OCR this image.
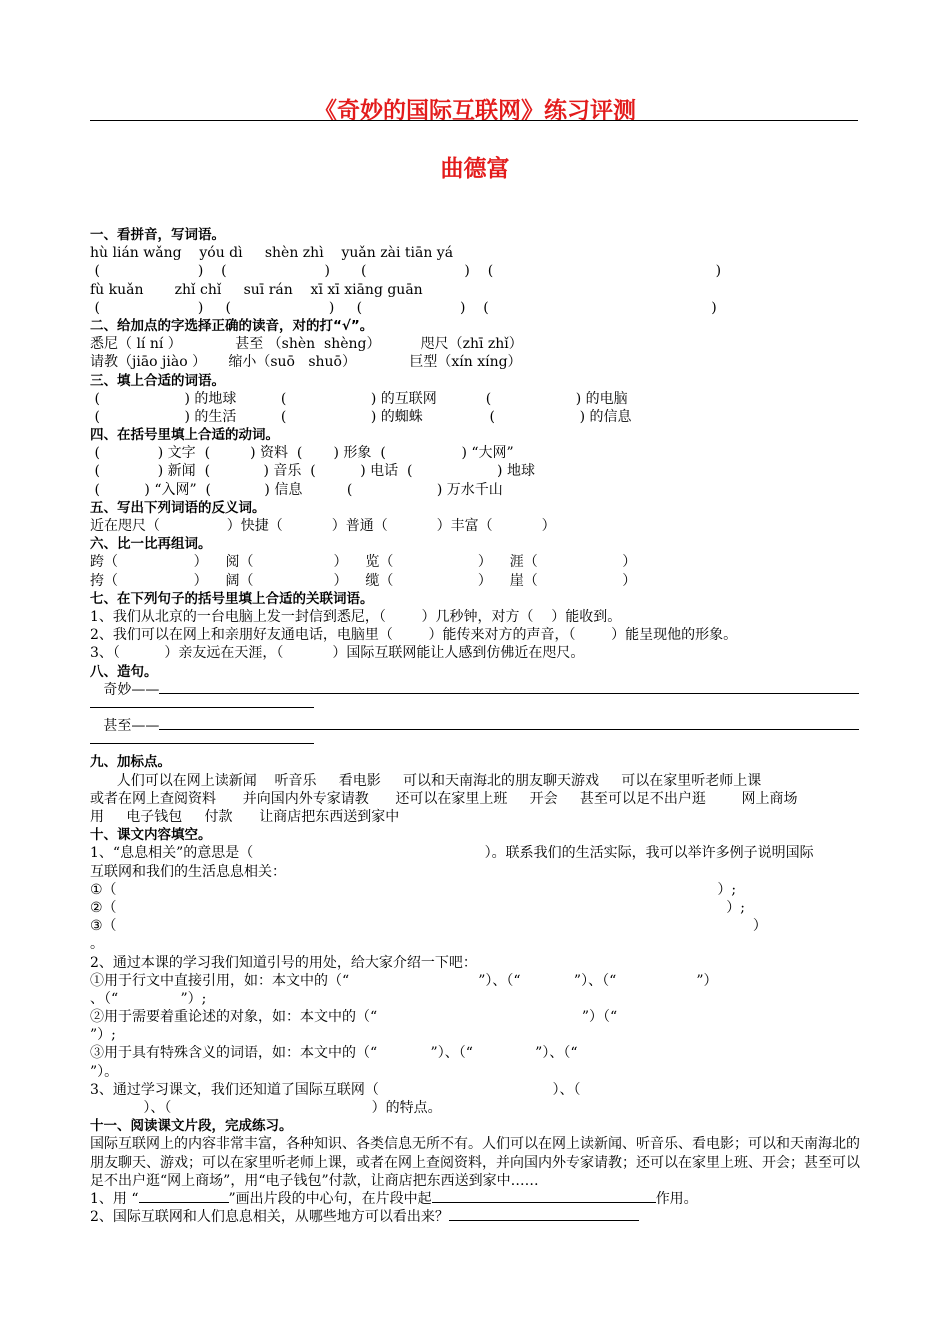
《奇妙的国际互联网》练习评测
曲德富
一、看拼音，写词语。
hù lián wǎng    yóu dì     shèn zhì    yuǎn zài tiān yá
(                      )    (                      )       (                      )    (                                                  )
fù kuǎn       zhǐ chǐ     suī rán    xī xī xiāng guān
(                      )     (                      )     (                      )    (                                                  )
二、给加点的字选择正确的读音，对的打“√”。
悉尼（ lí ní ）            甚至 （shèn  shèng）         咫尺（zhī zhǐ）
请教（jiāo jiào ）     缩小（suō   shuō）            巨型（xín xíng）
三、填上合适的词语。
(                   ) 的地球          (                   ) 的互联网           (                   ) 的电脑
(                   ) 的生活          (                   ) 的蜘蛛               (                   ) 的信息
四、在括号里填上合适的动词。
(             ) 文字  (         ) 资料  (       ) 形象  (                 ) “大网”
(             ) 新闻  (            ) 音乐  (          ) 电话  (                   ) 地球
(          ) “入网”  (            ) 信息          (                   ) 万水千山
五、写出下列词语的反义词。
近在咫尺（               ）快捷（           ）普通（           ）丰富（           ）
六、比一比再组词。
跨（                 ）    阅（                  ）    览（                   ）    涯（                   ）
挎（                 ）    阔（                  ）    缆（                   ）    崖（                   ）
七、在下列句子的括号里填上合适的关联词语。
1、我们从北京的一台电脑上发一封信到悉尼，（        ）几秒钟，对方（    ）能收到。
2、我们可以在网上和亲朋好友通电话，电脑里（        ）能传来对方的声音，（        ）能呈现他的形象。
3、（          ）亲友远在天涯，（           ）国际互联网能让人感到仿佛近在咫尺。
八、造句。
奇妙——
甚至——
九、加标点。
人们可以在网上读新闻    听音乐     看电影     可以和天南海北的朋友聊天游戏     可以在家里听老师上课
或者在网上查阅资料      并向国内外专家请教      还可以在家里上班     开会     甚至可以足不出户逛        网上商场
用     电子钱包     付款      让商店把东西送到家中
十、课文内容填空。
1、“息息相关”的意思是（                                                    ）。联系我们的生活实际，我可以举许多例子说明国际
互联网和我们的生活息息相关：
①（                                                                                                                                       ）;
②（                                                                                                                                         ）;
③（                                                                                                                                               ）
。
2、通过本课的学习我们知道引号的用处，给大家介绍一下吧：
①用于行文中直接引用，如：本文中的（“                             ”）、（“            ”）、（“                  ”）
、（“              ”）;
②用于需要着重论述的对象，如：本文中的（“                                              ”）（“
”）;
③用于具有特殊含义的词语，如：本文中的（“            ”）、（“              ”）、（“
”）。
3、通过学习课文，我们还知道了国际互联网（                                       ）、（
）、（                                             ）的特点。
十一、阅读课文片段，完成练习。
国际互联网上的内容非常丰富，各种知识、各类信息无所不有。人们可以在网上读新闻、听音乐、看电影；可以和天南海北的朋友聊天、游戏；可以在家里听老师上课，或者在网上查阅资料，并向国内外专家请教；还可以在家里上班、开会；甚至可以足不出户逛“网上商场”，用“电子钱包”付款，让商店把东西送到家中……
1、用 “	”画出片段的中心句，在片段中起	作用。
2、国际互联网和人们息息相关，从哪些地方可以看出来？
